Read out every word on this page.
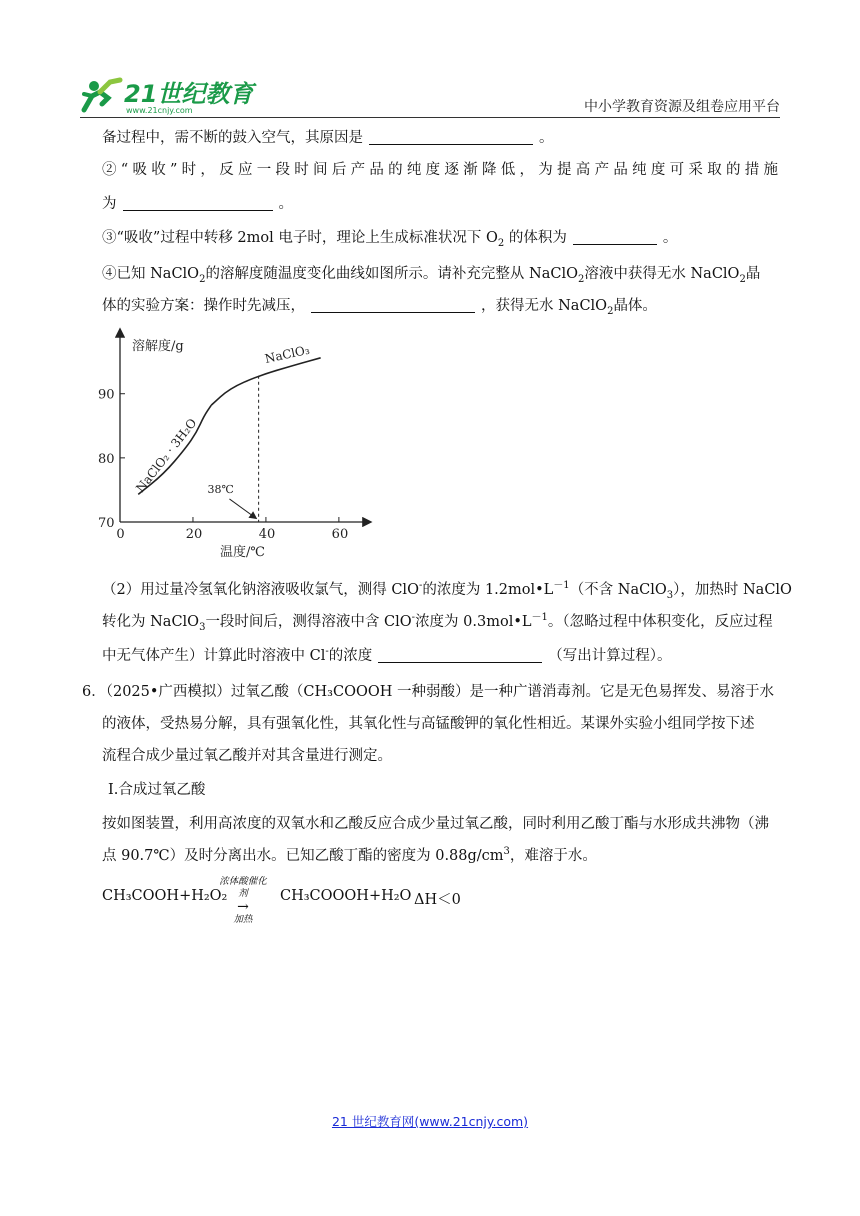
21世纪教育
www.21cnjy.com	中小学教育资源及组卷应用平台
备过程中，需不断的鼓入空气，其原因是	。
②“吸收”时，反应一段时间后产品的纯度逐渐降低，为提高产品纯度可采取的措施
为	。
③“吸收”过程中转移 2mol 电子时，理论上生成标准状况下 $O_2$ 的体积为	。
④已知 NaClO$_2$的溶解度随温度变化曲线如图所示。请补充完整从 NaClO$_2$溶液中获得无水 NaClO$_2$晶
体的实验方案：操作时先减压，	，获得无水 NaClO$_2$晶体。
溶解度/g
温度/℃
0	20	40	60
70
80
90
NaClO₂ · 3H₂O
NaClO₃
38℃
（2）用过量冷氢氧化钠溶液吸收氯气，测得 ClO-的浓度为 $1.2mol•L^{-1}$（不含 NaClO$_3$），加热时 NaClO
转化为 NaClO$_3$一段时间后，测得溶液中含 ClO-浓度为 $0.3mol•L^{-1}$。（忽略过程中体积变化，反应过程
中无气体产生）计算此时溶液中 Cl-的浓度	（写出计算过程）。
6．（2025•广西模拟）过氧乙酸（CH₃COOOH 一种弱酸）是一种广谱消毒剂。它是无色易挥发、易溶于水
的液体，受热易分解，具有强氧化性，其氧化性与高锰酸钾的氧化性相近。某课外实验小组同学按下述
流程合成少量过氧乙酸并对其含量进行测定。
Ⅰ.合成过氧乙酸
按如图装置，利用高浓度的双氧水和乙酸反应合成少量过氧乙酸，同时利用乙酸丁酯与水形成共沸物（沸
点 90.7℃）及时分离出水。已知乙酸丁酯的密度为 $0.88g/cm^3$，难溶于水。
CH₃COOH+H₂O₂
浓体酸催化剂
→
加热
CH₃COOOH+H₂O ΔH＜0
21 世纪教育网(www.21cnjy.com)
